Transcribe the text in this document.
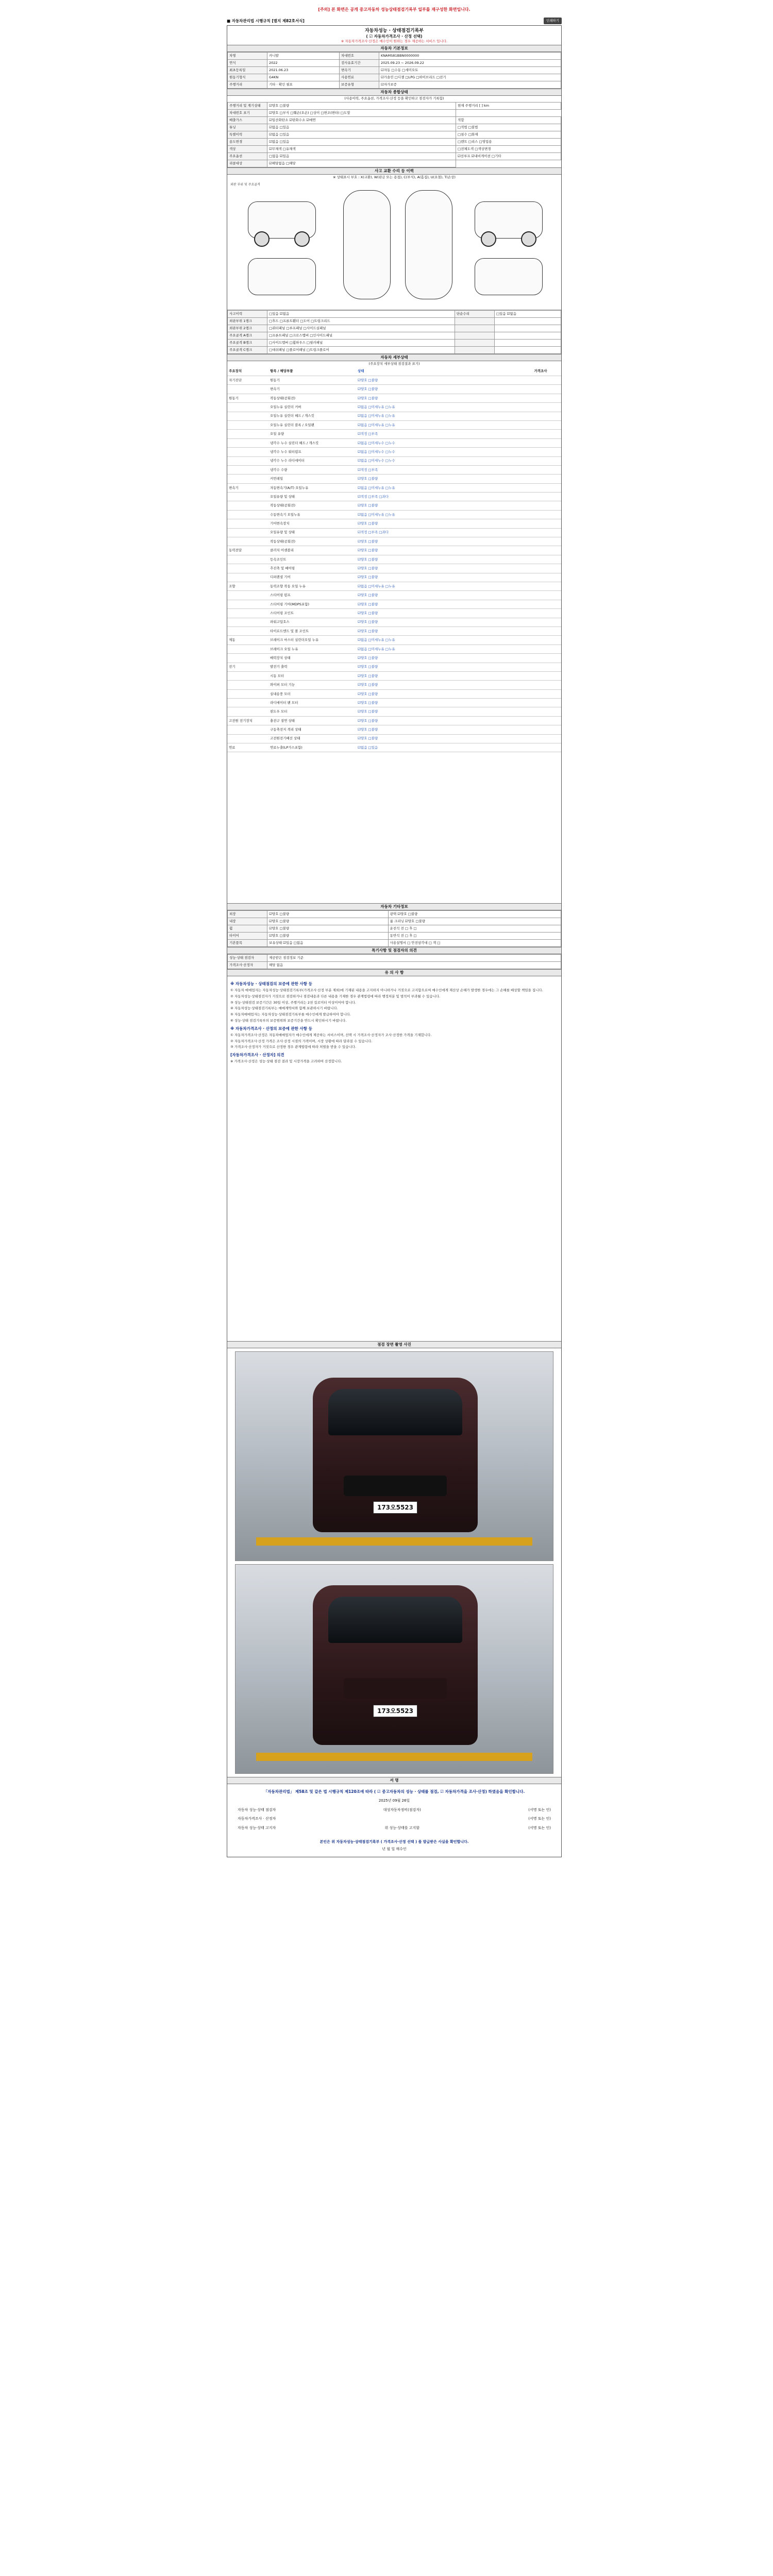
[주의] 본 화면은 공개 중고자동차 성능상태점검기록부 일부를 재구성한 화면입니다.
■ 자동차관리법 시행규칙 [별지 제82호서식]	인쇄하기
자동차성능 · 상태점검기록부
( ☑ 자동차가격조사 · 산정 선택)
※ 자동차가격조사·산정은 매수인이 원하는 경우 제공하는 서비스 입니다.
자동차 기본정보
차명	카니발	차대번호	KNAMS81BBN0000000
연식	2022	검사유효기간	2025.09.23 ~ 2026.09.22
최초등록일	2021.06.23	변속기	☑자동 □수동 □세미오토
원동기형식	G4KN	사용연료	☑가솔린 □디젤 □LPG □하이브리드 □전기
주행거리	기타 · 확인 필요	보증유형	☑자가보증
자동차 종합상태
(사용이력, 주요옵션, 가격조사·산정 등을 확인하고 점검자가 기록함)
주행거리 및 계기상태	☑양호 □불량	현재 주행거리 [ ] km
차대번호 표기	☑양호 □부식 □훼손(오손) □상이 □변조(변타) □도말	
배출가스	☑일산화탄소 ☑탄화수소 ☑매연	적합
튜닝	☑없음 □있음	□적법 □불법
특별이력	☑없음 □있음	□침수 □화재
용도변경	☑없음 □있음	□렌트 □리스 □영업용
색상	☑무채색 □유채색	□전체도색 □색상변경
주요옵션	□없음 ☑있음	☑선루프 ☑내비게이션 □기타
리콜대상	☑해당없음 □해당	
사고 교환 수리 등 이력
※ 상태표시 부호 : X(교환), W(판금 또는 용접), C(부식), A(흠집), U(요철), T(손상)
외판 부위 및 주요골격
사고이력	□있음 ☑없음	단순수리	□있음 ☑없음
외판부위 1랭크	□후드 □프론트휀더 □도어 □트렁크리드		
외판부위 2랭크	□쿼터패널 □루프패널 □사이드실패널		
주요골격 A랭크	□프론트패널 □크로스멤버 □인사이드패널		
주요골격 B랭크	□사이드멤버 □휠하우스 □필러패널		
주요골격 C랭크	□대쉬패널 □플로어패널 □트렁크플로어		
자동차 세부상태
(주요장치 세부상태 점검결과 표기)
주요장치	항목 / 해당부품	상태	가격조사
자기진단	원동기	☑양호 □불량
변속기	☑양호 □불량
원동기	작동상태(공회전)	☑양호 □불량
오일누유 실린더 커버	☑없음 □미세누유 □누유
오일누유 실린더 헤드 / 개스킷	☑없음 □미세누유 □누유
오일누유 실린더 블록 / 오일팬	☑없음 □미세누유 □누유
오일 유량	☑적정 □부족
냉각수 누수 실린더 헤드 / 개스킷	☑없음 □미세누수 □누수
냉각수 누수 워터펌프	☑없음 □미세누수 □누수
냉각수 누수 라디에이터	☑없음 □미세누수 □누수
냉각수 수량	☑적정 □부족
커먼레일	☑양호 □불량
변속기	자동변속기(A/T) 오일누유	☑없음 □미세누유 □누유
오일유량 및 상태	☑적정 □부족 □과다
작동상태(공회전)	☑양호 □불량
수동변속기 오일누유	☑없음 □미세누유 □누유
기어변속장치	☑양호 □불량
오일유량 및 상태	☑적정 □부족 □과다
작동상태(공회전)	☑양호 □불량
동력전달	클러치 어셈블리	☑양호 □불량
등속조인트	☑양호 □불량
추진축 및 베어링	☑양호 □불량
디퍼렌셜 기어	☑양호 □불량
조향	동력조향 작동 오일 누유	☑없음 □미세누유 □누유
스티어링 펌프	☑양호 □불량
스티어링 기어(MDPS포함)	☑양호 □불량
스티어링 조인트	☑양호 □불량
파워고압호스	☑양호 □불량
타이로드엔드 및 볼 조인트	☑양호 □불량
제동	브레이크 마스터 실린더오일 누유	☑없음 □미세누유 □누유
브레이크 오일 누유	☑없음 □미세누유 □누유
배력장치 상태	☑양호 □불량
전기	발전기 출력	☑양호 □불량
시동 모터	☑양호 □불량
와이퍼 모터 기능	☑양호 □불량
실내송풍 모터	☑양호 □불량
라디에이터 팬 모터	☑양호 □불량
윈도우 모터	☑양호 □불량
고전원 전기장치	충전구 절연 상태	☑양호 □불량
구동축전지 격리 상태	☑양호 □불량
고전원전기배선 상태	☑양호 □불량
연료	연료누출(LP가스포함)	☑없음 □있음
자동차 기타정보
외장	☑양호 □불량	광택 ☑양호 □불량
내장	☑양호 □불량	룸 크리닝 ☑양호 □불량
휠	☑양호 □불량	운전석 전 □ 후 □
타이어	☑양호 □불량	동반석 전 □ 후 □
기본품목	보유상태 ☑있음 □없음	사용설명서 □ 안전삼각대 □ 잭 □
특기사항 및 점검자의 의견
성능·상태 점검자	제공받은 점검정보 기준
가격조사·산정자	해당 없음
유 의 사 항
※ 자동차성능 · 상태점검의 보증에 관한 사항 등

① 자동차 매매업자는 자동차성능·상태점검기록부(가격조사·산정 부분 제외)에 기재된 내용을 고지하지 아니하거나 거짓으로 고지함으로써 매수인에게 재산상 손해가 발생한 경우에는 그 손해를 배상할 책임을 집니다.

② 자동차성능·상태점검자가 거짓으로 점검하거나 점검내용과 다른 내용을 기재한 경우 관계법령에 따라 행정처분 및 벌칙이 부과될 수 있습니다.

③ 성능·상태점검 보증기간은 30일 이상, 주행거리는 2천 킬로미터 이상이어야 합니다.

④ 자동차성능·상태점검기록부는 매매계약서와 함께 보관하시기 바랍니다.

⑤ 자동차매매업자는 자동차성능·상태점검기록부를 매수인에게 발급하여야 합니다.

⑥ 성능·상태 점검기록부의 보증범위와 보증기간을 반드시 확인하시기 바랍니다.

※ 자동차가격조사 · 산정의 보증에 관한 사항 등

① 자동차가격조사·산정은 자동차매매업자가 매수인에게 제공하는 서비스이며, 선택 시 가격조사·산정자가 조사·산정한 가격을 기재합니다.

② 자동차가격조사·산정 가격은 조사·산정 시점의 가격이며, 시장 상황에 따라 달라질 수 있습니다.

③ 가격조사·산정자가 거짓으로 산정한 경우 관계법령에 따라 처벌을 받을 수 있습니다.

[자동차가격조사 · 산정자] 의견

※ 가격조사·산정은 성능·상태 점검 결과 및 시장가격을 고려하여 산정합니다.

점검 장면 촬영 사진
173오5523
173오5523
서 명
「자동차관리법」 제58조 및 같은 법 시행규칙 제120조에 따라 ( ☑ 중고자동차의 성능 · 상태를 점검, ☑ 자동차가격을 조사·산정) 하였음을 확인합니다.
2025년 09월 26일
자동차 성능·상태 점검자	대성자동차정비(점검자)	(서명 또는 인)
자동차가격조사 · 산정자	(서명 또는 인)
자동차 성능·상태 고지자	위 성능·상태를 고지함	(서명 또는 인)
본인은 위 자동차성능·상태점검기록부 ( 가격조사·산정 선택 ) 를 발급받은 사실을 확인합니다.
년 월 일 매수인
